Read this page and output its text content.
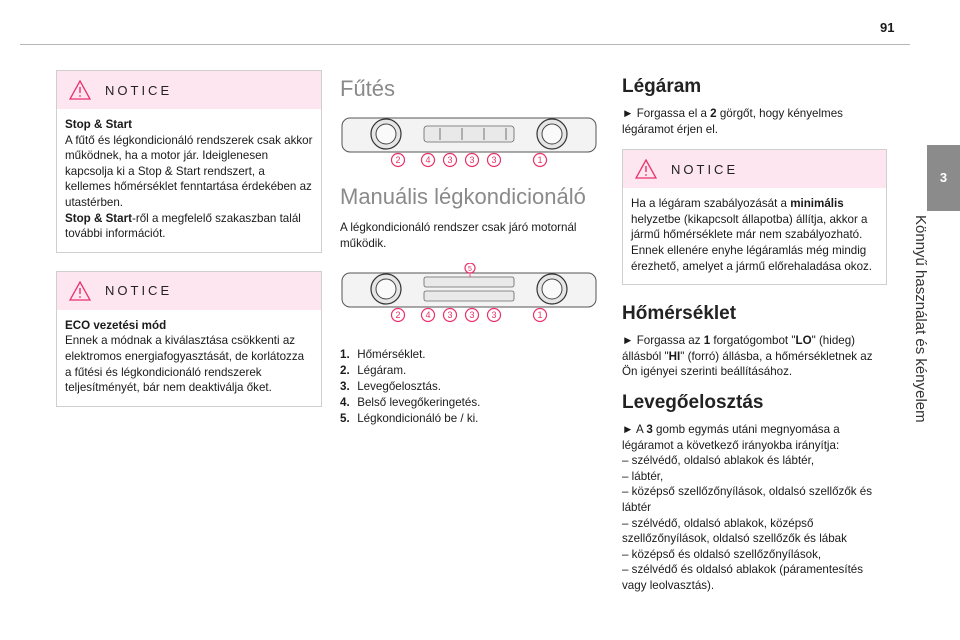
91
3
Könnyű használat és kényelem
NOTICE
Stop & Start
A fűtő és légkondicionáló rendszerek csak akkor működnek, ha a motor jár. Ideiglenesen kapcsolja ki a Stop & Start rendszert, a kellemes hőmérséklet fenntartása érdekében az utastérben.
Stop & Start-ről a megfelelő szakaszban talál további információt.
NOTICE
ECO vezetési mód
Ennek a módnak a kiválasztása csökkenti az elektromos energiafogyasztását, de korlátozza a fűtési és légkondicionáló rendszerek teljesítményét, bár nem deaktiválja őket.
Fűtés
2	4 3 3 3	1
Manuális légkondicionáló

A légkondicionáló rendszer csak járó motornál működik.

5
2	4 3 3 3	1
1. Hőmérséklet.
2. Légáram.
3. Levegőelosztás.
4. Belső levegőkeringetés.
5. Légkondicionáló be / ki.
Légáram

► Forgassa el a 2 görgőt, hogy kényelmes légáramot érjen el.

NOTICE
Ha a légáram szabályozását a minimális helyzetbe (kikapcsolt állapotba) állítja, akkor a jármű hőmérséklete már nem szabályozható. Ennek ellenére enyhe légáramlás még mindig érezhető, amelyet a jármű előrehaladása okoz.
Hőmérséklet

► Forgassa az 1 forgatógombot "LO" (hideg) állásból "HI" (forró) állásba, a hőmérsékletnek az Ön igényei szerinti beállításához.

Levegőelosztás

► A 3 gomb egymás utáni megnyomása a légáramot a következő irányokba irányítja:
– szélvédő, oldalsó ablakok és lábtér,
– lábtér,
– középső szellőzőnyílások, oldalsó szellőzők és lábtér
– szélvédő, oldalsó ablakok, középső szellőzőnyílások, oldalsó szellőzők és lábak
– középső és oldalsó szellőzőnyílások,
– szélvédő és oldalsó ablakok (páramentesítés vagy leolvasztás).
